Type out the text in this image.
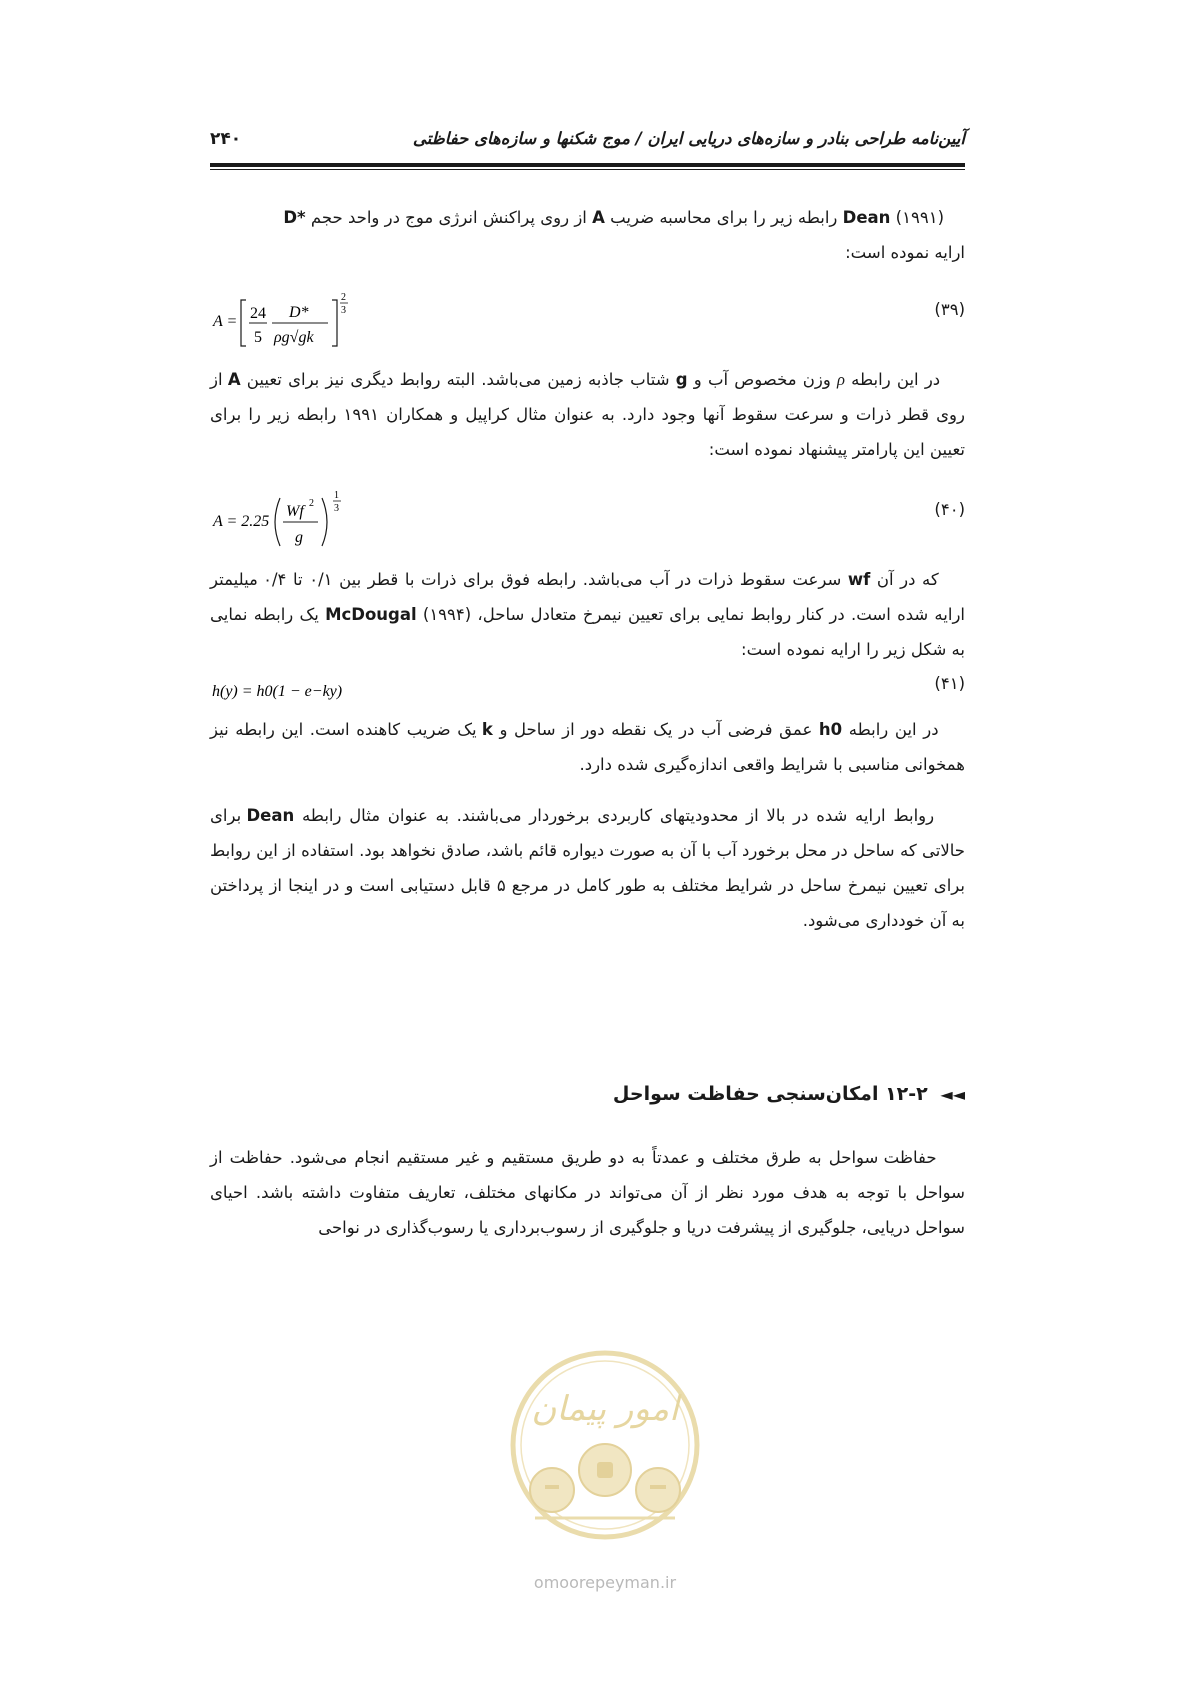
آیین‌نامه طراحی بنادر و سازه‌های دریایی ایران / موج شکنها و سازه‌های حفاظتی
۲۴۰
Dean (۱۹۹۱) رابطه زیر را برای محاسبه ضریب A از روی پراکنش انرژی موج در واحد حجم D*
ارایه نموده است:
A = 24
5
D*
ρg√gk
2
3	(۳۹)
در این رابطه ρ وزن مخصوص آب و g شتاب جاذبه زمین می‌باشد. البته روابط دیگری نیز برای تعیین A از روی قطر ذرات و سرعت سقوط آنها وجود دارد. به عنوان مثال کراپیل و همکاران ۱۹۹۱ رابطه زیر را برای تعیین این پارامتر پیشنهاد نموده است:
A = 2.25
Wf 2
g
1
3	(۴۰)
که در آن wf سرعت سقوط ذرات در آب می‌باشد. رابطه فوق برای ذرات با قطر بین ۰/۱ تا ۰/۴ میلیمتر ارایه شده است. در کنار روابط نمایی برای تعیین نیمرخ متعادل ساحل، McDougal (۱۹۹۴) یک رابطه نمایی به شکل زیر را ارایه نموده است:
h(y) = h0(1 − e−ky)	(۴۱)
در این رابطه h0 عمق فرضی آب در یک نقطه دور از ساحل و k یک ضریب کاهنده است. این رابطه نیز همخوانی مناسبی با شرایط واقعی اندازه‌گیری شده دارد.
روابط ارایه شده در بالا از محدودیتهای کاربردی برخوردار می‌باشند. به عنوان مثال رابطه Dean برای حالاتی که ساحل در محل برخورد آب با آن به صورت دیواره قائم باشد، صادق نخواهد بود. استفاده از این روابط برای تعیین نیمرخ ساحل در شرایط مختلف به طور کامل در مرجع ۵ قابل دستیابی است و در اینجا از پرداختن به آن خودداری می‌شود.
◄◄ ۱۲-۲ امکان‌سنجی حفاظت سواحل
حفاظت سواحل به طرق مختلف و عمدتاً به دو طریق مستقیم و غیر مستقیم انجام می‌شود. حفاظت از سواحل با توجه به هدف مورد نظر از آن می‌تواند در مکانهای مختلف، تعاریف متفاوت داشته باشد. احیای سواحل دریایی، جلوگیری از پیشرفت دریا و جلوگیری از رسوب‌برداری یا رسوب‌گذاری در نواحی
امور پیمان
omoorepeyman.ir
